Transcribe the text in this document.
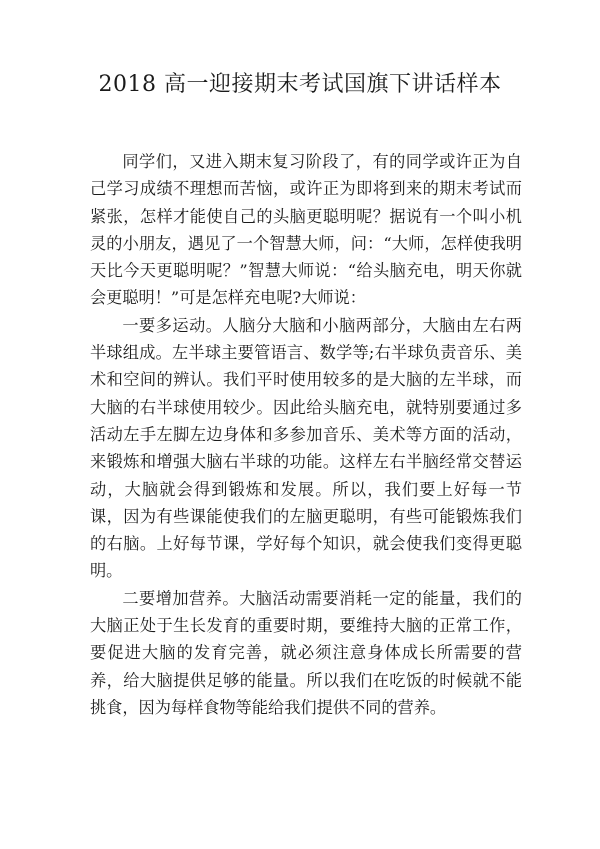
2018 高一迎接期末考试国旗下讲话样本

同学们，又进入期末复习阶段了，有的同学或许正为自己学习成绩不理想而苦恼，或许正为即将到来的期末考试而紧张，怎样才能使自己的头脑更聪明呢？据说有一个叫小机灵的小朋友，遇见了一个智慧大师，问：“大师，怎样使我明天比今天更聪明呢？”智慧大师说：“给头脑充电，明天你就会更聪明！”可是怎样充电呢?大师说：

一要多运动。人脑分大脑和小脑两部分，大脑由左右两半球组成。左半球主要管语言、数学等;右半球负责音乐、美术和空间的辨认。我们平时使用较多的是大脑的左半球，而大脑的右半球使用较少。因此给头脑充电，就特别要通过多活动左手左脚左边身体和多参加音乐、美术等方面的活动，来锻炼和增强大脑右半球的功能。这样左右半脑经常交替运动，大脑就会得到锻炼和发展。所以，我们要上好每一节课，因为有些课能使我们的左脑更聪明，有些可能锻炼我们的右脑。上好每节课，学好每个知识，就会使我们变得更聪明。

二要增加营养。大脑活动需要消耗一定的能量，我们的大脑正处于生长发育的重要时期，要维持大脑的正常工作，要促进大脑的发育完善，就必须注意身体成长所需要的营养，给大脑提供足够的能量。所以我们在吃饭的时候就不能挑食，因为每样食物等能给我们提供不同的营养。
